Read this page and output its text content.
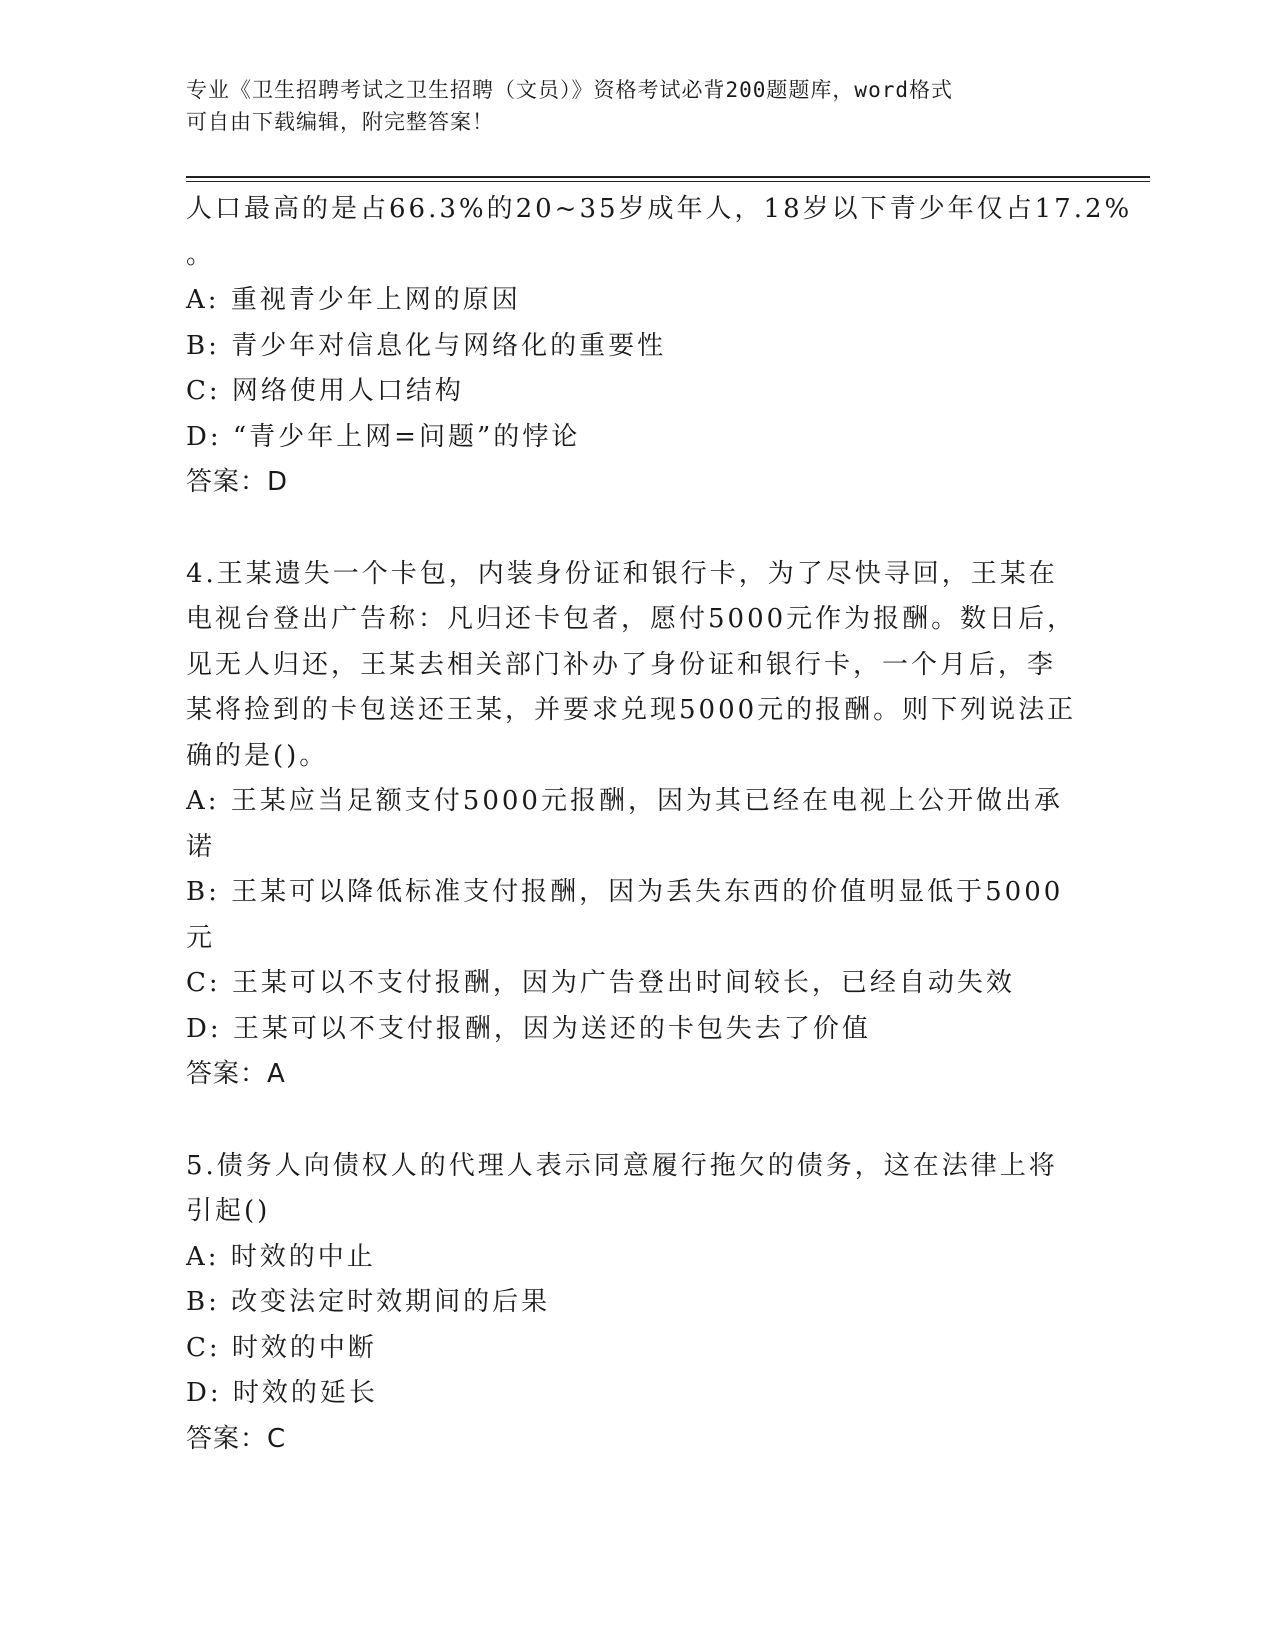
专业《卫生招聘考试之卫生招聘（文员）》资格考试必背200题题库，word格式
可自由下载编辑，附完整答案！
人口最高的是占66.3%的20~35岁成年人，18岁以下青少年仅占17.2%
。
A: 重视青少年上网的原因
B: 青少年对信息化与网络化的重要性
C: 网络使用人口结构
D: “青少年上网=问题”的悖论
答案：D
4.王某遗失一个卡包，内装身份证和银行卡，为了尽快寻回，王某在
电视台登出广告称：凡归还卡包者，愿付5000元作为报酬。数日后，
见无人归还，王某去相关部门补办了身份证和银行卡，一个月后，李
某将捡到的卡包送还王某，并要求兑现5000元的报酬。则下列说法正
确的是()。
A: 王某应当足额支付5000元报酬，因为其已经在电视上公开做出承
诺
B: 王某可以降低标准支付报酬，因为丢失东西的价值明显低于5000
元
C: 王某可以不支付报酬，因为广告登出时间较长，已经自动失效
D: 王某可以不支付报酬，因为送还的卡包失去了价值
答案：A
5.债务人向债权人的代理人表示同意履行拖欠的债务，这在法律上将
引起()
A: 时效的中止
B: 改变法定时效期间的后果
C: 时效的中断
D: 时效的延长
答案：C
